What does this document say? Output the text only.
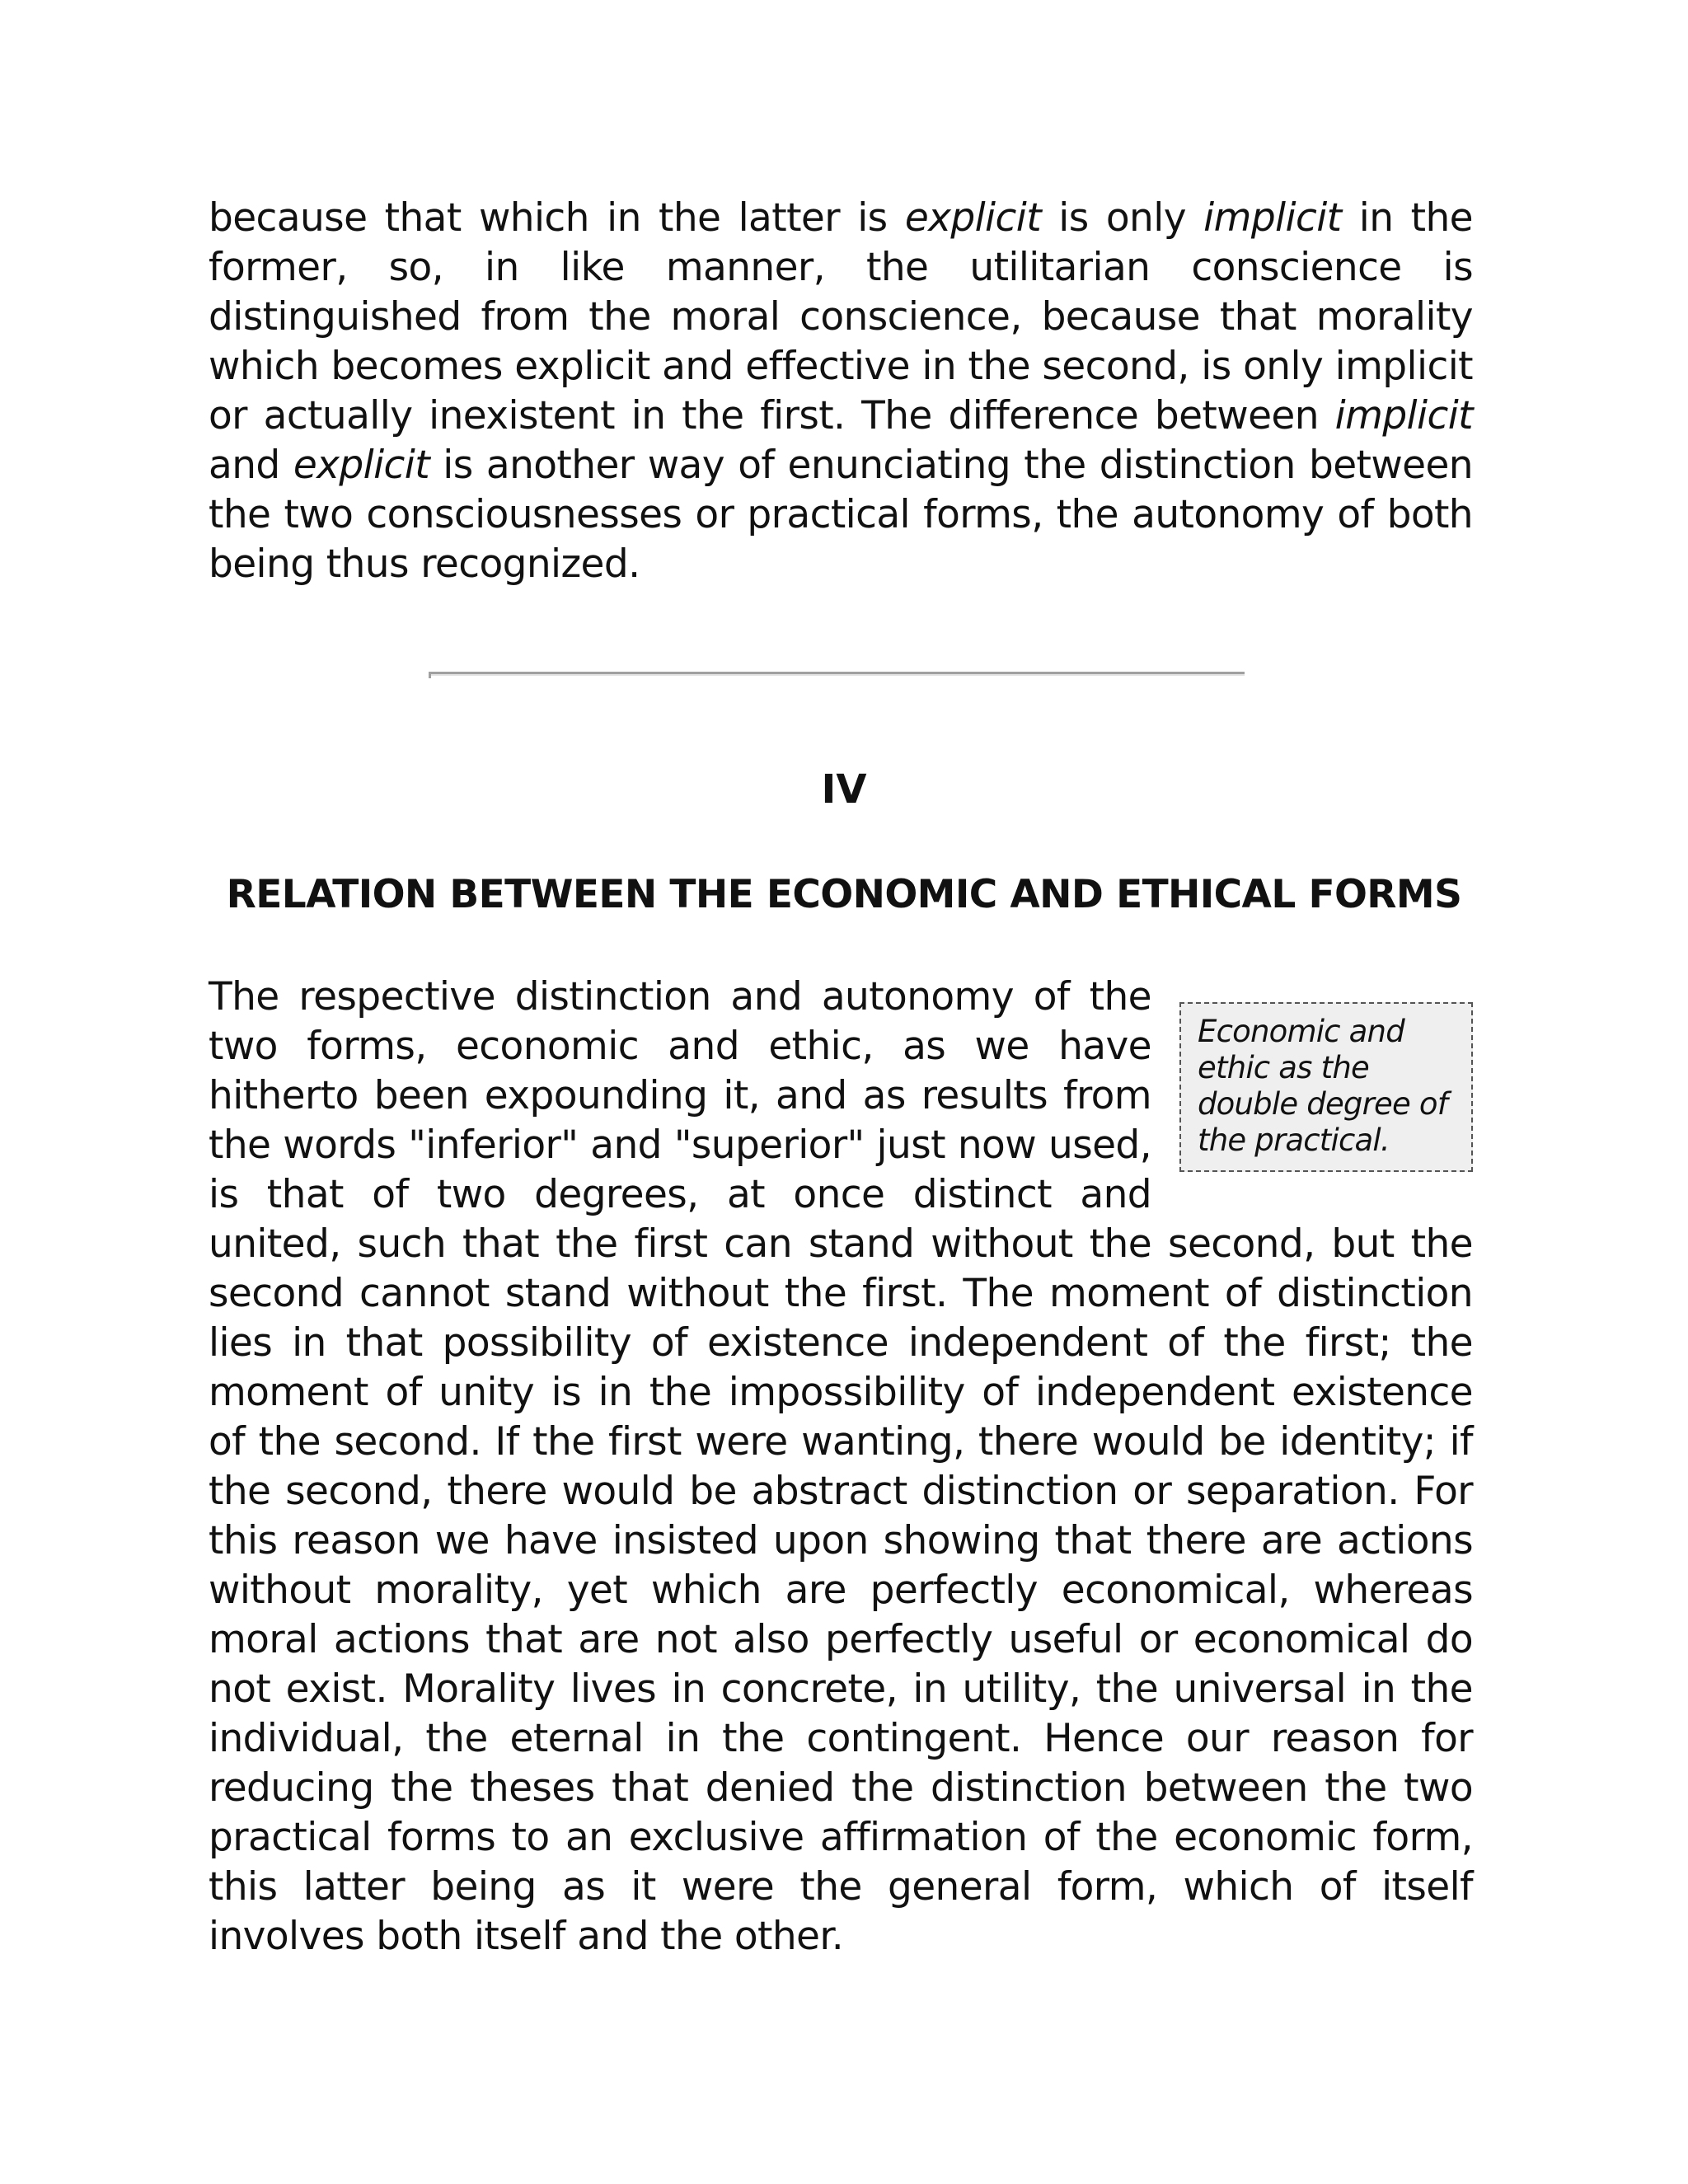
because that which in the latter is explicit is only implicit in the former, so, in like manner, the utilitarian conscience is distinguished from the moral conscience, because that morality which becomes explicit and effective in the second, is only implicit or actually inexistent in the first. The difference between implicit and explicit is another way of enunciating the distinction between the two consciousnesses or practical forms, the autonomy of both being thus recognized.

IV
RELATION BETWEEN THE ECONOMIC AND ETHICAL FORMS
Economic and ethic as the double degree of the practical.

The respective distinction and autonomy of the two forms, economic and ethic, as we have hitherto been expounding it, and as results from the words "inferior" and "superior" just now used, is that of two degrees, at once distinct and united, such that the first can stand without the second, but the second cannot stand without the first. The moment of distinction lies in that possibility of existence independent of the first; the moment of unity is in the impossibility of independent existence of the second. If the first were wanting, there would be identity; if the second, there would be abstract distinction or separation. For this reason we have insisted upon showing that there are actions without morality, yet which are perfectly economical, whereas moral actions that are not also perfectly useful or economical do not exist. Morality lives in concrete, in utility, the universal in the individual, the eternal in the contingent. Hence our reason for reducing the theses that denied the distinction between the two practical forms to an exclusive affirmation of the economic form, this latter being as it were the general form, which of itself involves both itself and the other.
